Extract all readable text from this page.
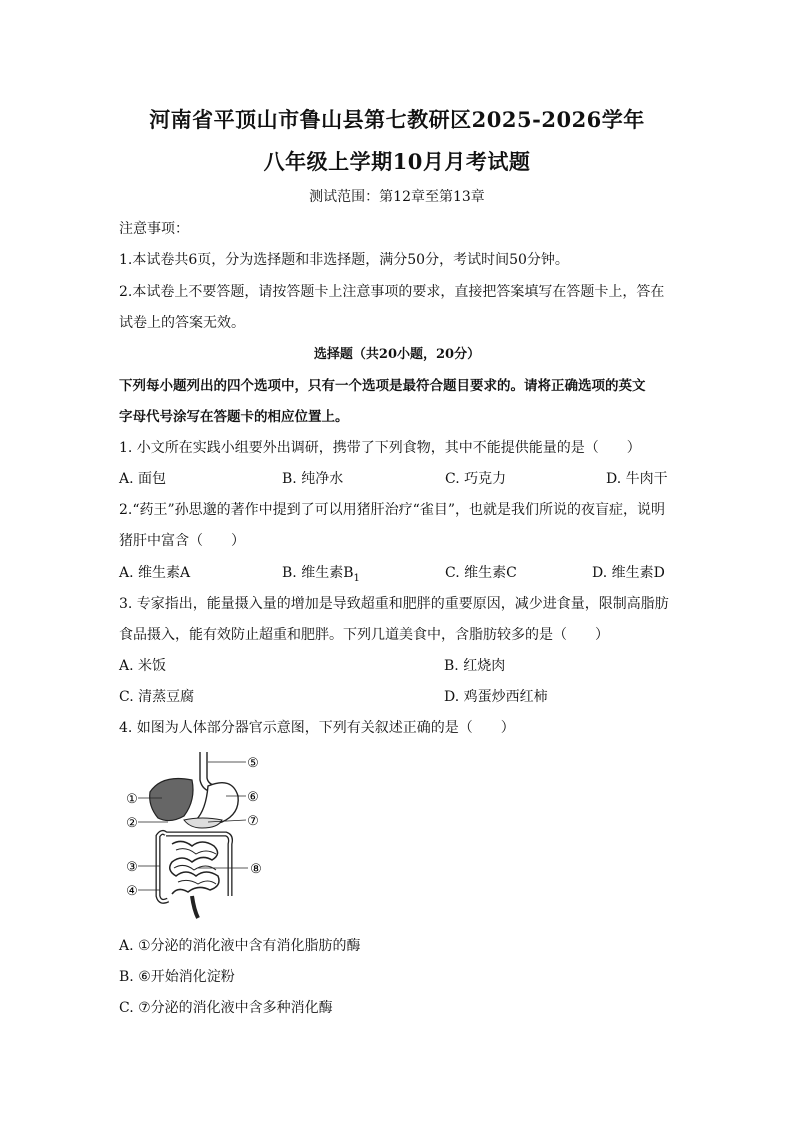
河南省平顶山市鲁山县第七教研区2025-2026学年
八年级上学期10月月考试题
测试范围：第12章至第13章
注意事项：
1.本试卷共6页，分为选择题和非选择题，满分50分，考试时间50分钟。
2.本试卷上不要答题，请按答题卡上注意事项的要求，直接把答案填写在答题卡上，答在
试卷上的答案无效。
选择题（共20小题，20分）
下列每小题列出的四个选项中，只有一个选项是最符合题目要求的。请将正确选项的英文
字母代号涂写在答题卡的相应位置上。
1. 小文所在实践小组要外出调研，携带了下列食物，其中不能提供能量的是（　　）
A. 面包	B. 纯净水	C. 巧克力	D. 牛肉干
2.“药王”孙思邈的著作中提到了可以用猪肝治疗“雀目”，也就是我们所说的夜盲症，说明
猪肝中富含（　　）
A. 维生素A	B. 维生素$B_1$	C. 维生素C	D. 维生素D
3. 专家指出，能量摄入量的增加是导致超重和肥胖的重要原因，减少进食量，限制高脂肪
食品摄入，能有效防止超重和肥胖。下列几道美食中，含脂肪较多的是（　　）
A. 米饭	B. 红烧肉
C. 清蒸豆腐	D. 鸡蛋炒西红柿
4. 如图为人体部分器官示意图，下列有关叙述正确的是（　　）
①
②
③
④
⑤
⑥
⑦
⑧
A. ①分泌的消化液中含有消化脂肪的酶
B. ⑥开始消化淀粉
C. ⑦分泌的消化液中含多种消化酶
